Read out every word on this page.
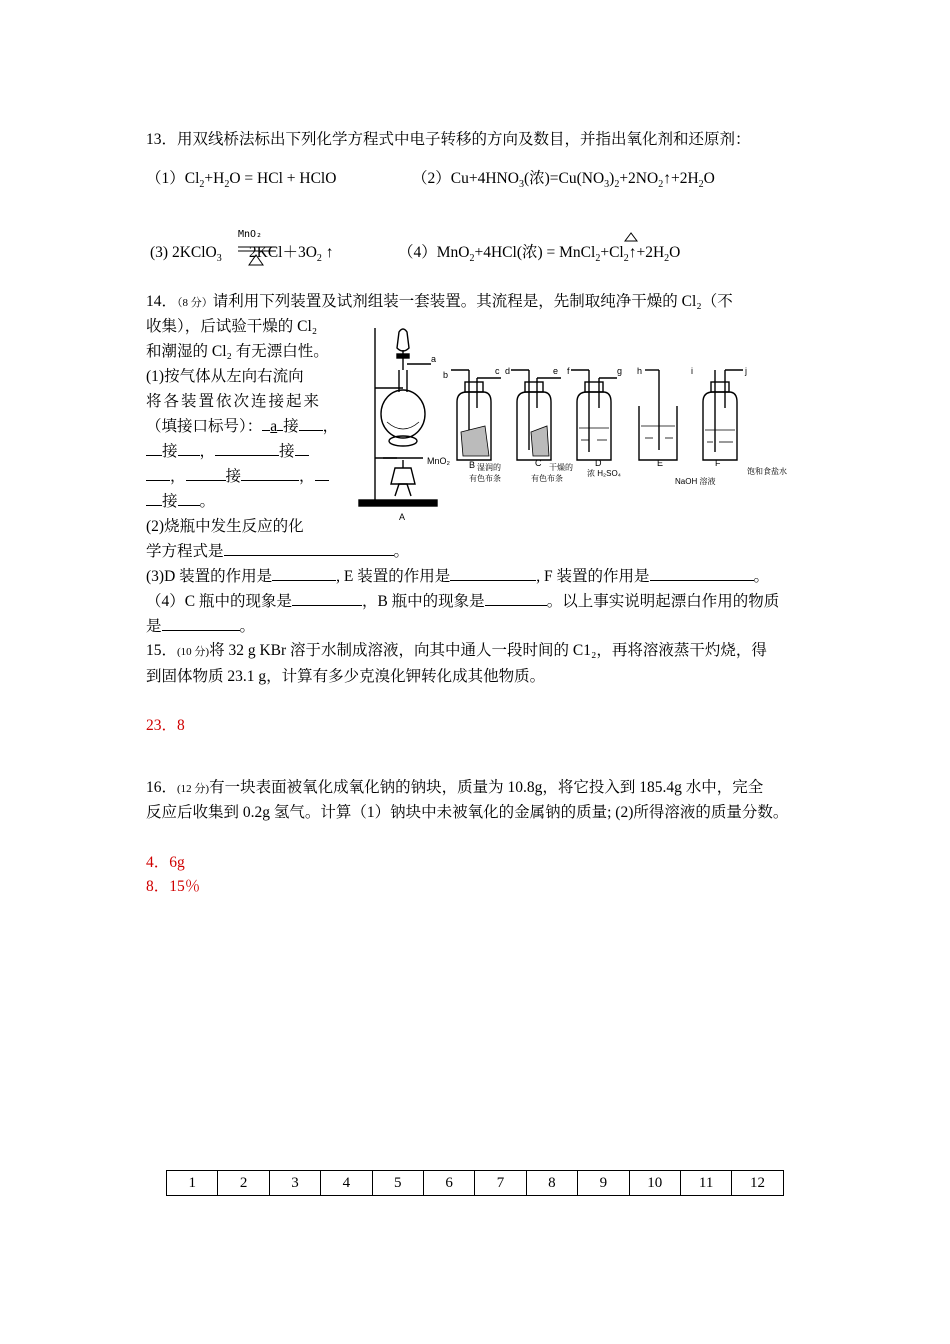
13．用双线桥法标出下列化学方程式中电子转移的方向及数目，并指出氧化剂和还原剂：
$(1)Cl_2+H_2O$ = HCl + HClO	$(2)Cu+4HNO_3$(浓)$=Cu(NO_3)_2+2NO_2↑+2H_2O$
MnO₂
(3) 2KClO$_3$       $2KCl+3O_2$ ↑	（4）MnO$_2$+4HCl(浓) = $MnCl_2+Cl_2↑+2H_2O$
14．（8 分）请利用下列装置及试剂组装一套装置。其流程是，先制取纯净干燥的 Cl₂（不
收集），后试验干燥的 Cl₂
和潮湿的 Cl₂ 有无漂白性。
(1)按气体从左向右流向
将各装置依次连接起来
（填接口标号）： a 接 ，
接 ，	接
，	接	，
接 。
(2)烧瓶中发生反应的化
学方程式是	。
(3)D 装置的作用是	, E 装置的作用是	, F 装置的作用是	。
（4）C 瓶中的现象是	，B 瓶中的现象是	。以上事实说明起漂白作用的物质
是	。
a
b	c d	e f	g h	i	j
MnO₂
A
B 湿润的
有色布条
C 干燥的
有色布条
D
浓 H₂SO₄
E
NaOH 溶液
F
饱和食盐水
15．(10 分)将 32 g KBr 溶于水制成溶液，向其中通人一段时间的 C1₂，再将溶液蒸干灼烧，得
到固体物质 23.1 g，计算有多少克溴化钾转化成其他物质。
23．8
16．(12 分)有一块表面被氧化成氧化钠的钠块，质量为 10.8g，将它投入到 185.4g 水中，完全
反应后收集到 0.2g 氢气。计算（1）钠块中未被氧化的金属钠的质量; (2)所得溶液的质量分数。
4．6g
8．15％
1	2	3	4	5	6	7	8	9	10	11	12
